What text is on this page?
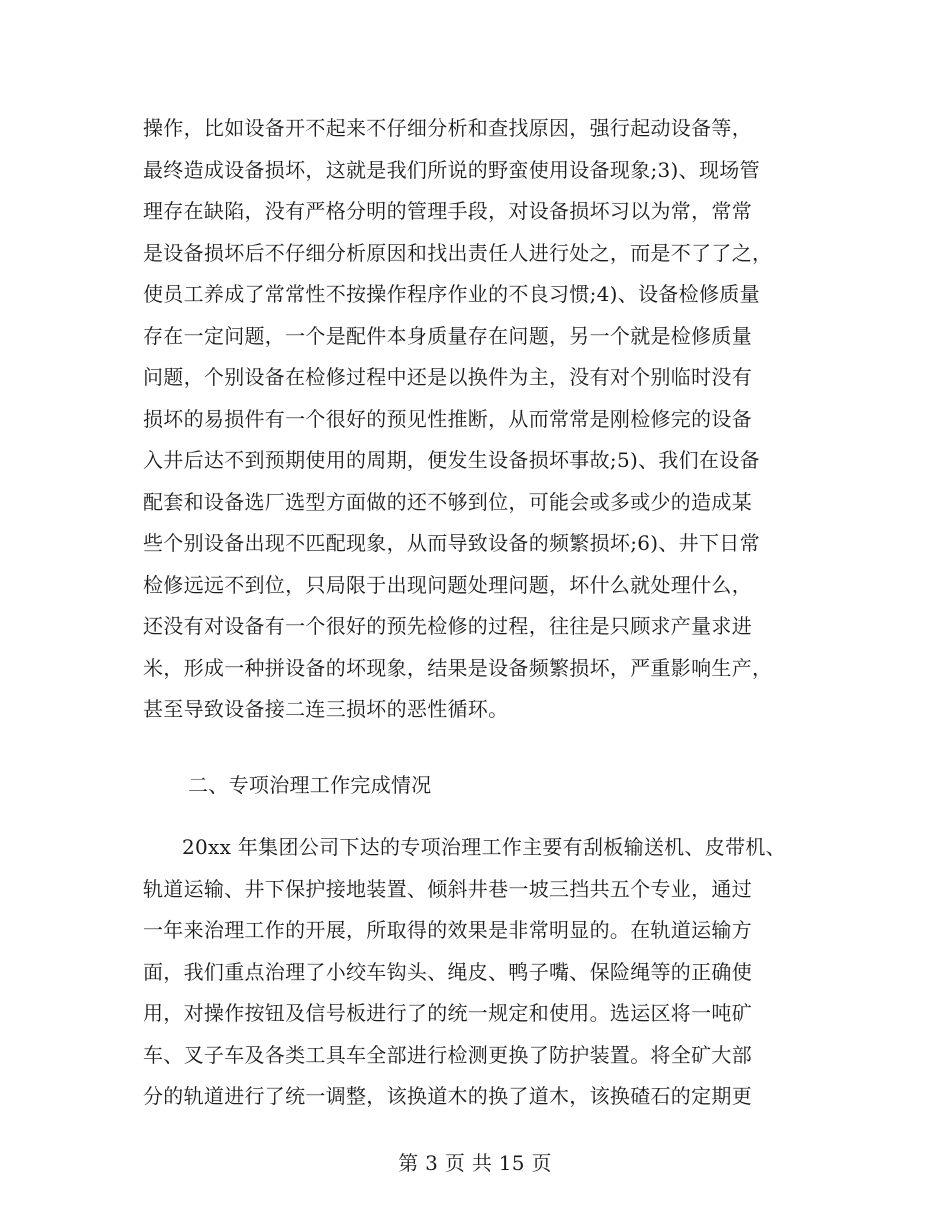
操作，比如设备开不起来不仔细分析和查找原因，强行起动设备等，
最终造成设备损坏，这就是我们所说的野蛮使用设备现象;3)、现场管
理存在缺陷，没有严格分明的管理手段，对设备损坏习以为常，常常
是设备损坏后不仔细分析原因和找出责任人进行处之，而是不了了之，
使员工养成了常常性不按操作程序作业的不良习惯;4)、设备检修质量
存在一定问题，一个是配件本身质量存在问题，另一个就是检修质量
问题，个别设备在检修过程中还是以换件为主，没有对个别临时没有
损坏的易损件有一个很好的预见性推断，从而常常是刚检修完的设备
入井后达不到预期使用的周期，便发生设备损坏事故;5)、我们在设备
配套和设备选厂选型方面做的还不够到位，可能会或多或少的造成某
些个别设备出现不匹配现象，从而导致设备的频繁损坏;6)、井下日常
检修远远不到位，只局限于出现问题处理问题，坏什么就处理什么，
还没有对设备有一个很好的预先检修的过程，往往是只顾求产量求进
米，形成一种拼设备的坏现象，结果是设备频繁损坏，严重影响生产，
甚至导致设备接二连三损坏的恶性循环。
二、专项治理工作完成情况
20xx 年集团公司下达的专项治理工作主要有刮板输送机、皮带机、
轨道运输、井下保护接地装置、倾斜井巷一坡三挡共五个专业，通过
一年来治理工作的开展，所取得的效果是非常明显的。在轨道运输方
面，我们重点治理了小绞车钩头、绳皮、鸭子嘴、保险绳等的正确使
用，对操作按钮及信号板进行了的统一规定和使用。选运区将一吨矿
车、叉子车及各类工具车全部进行检测更换了防护装置。将全矿大部
分的轨道进行了统一调整，该换道木的换了道木，该换碴石的定期更
第 3 页 共 15 页
